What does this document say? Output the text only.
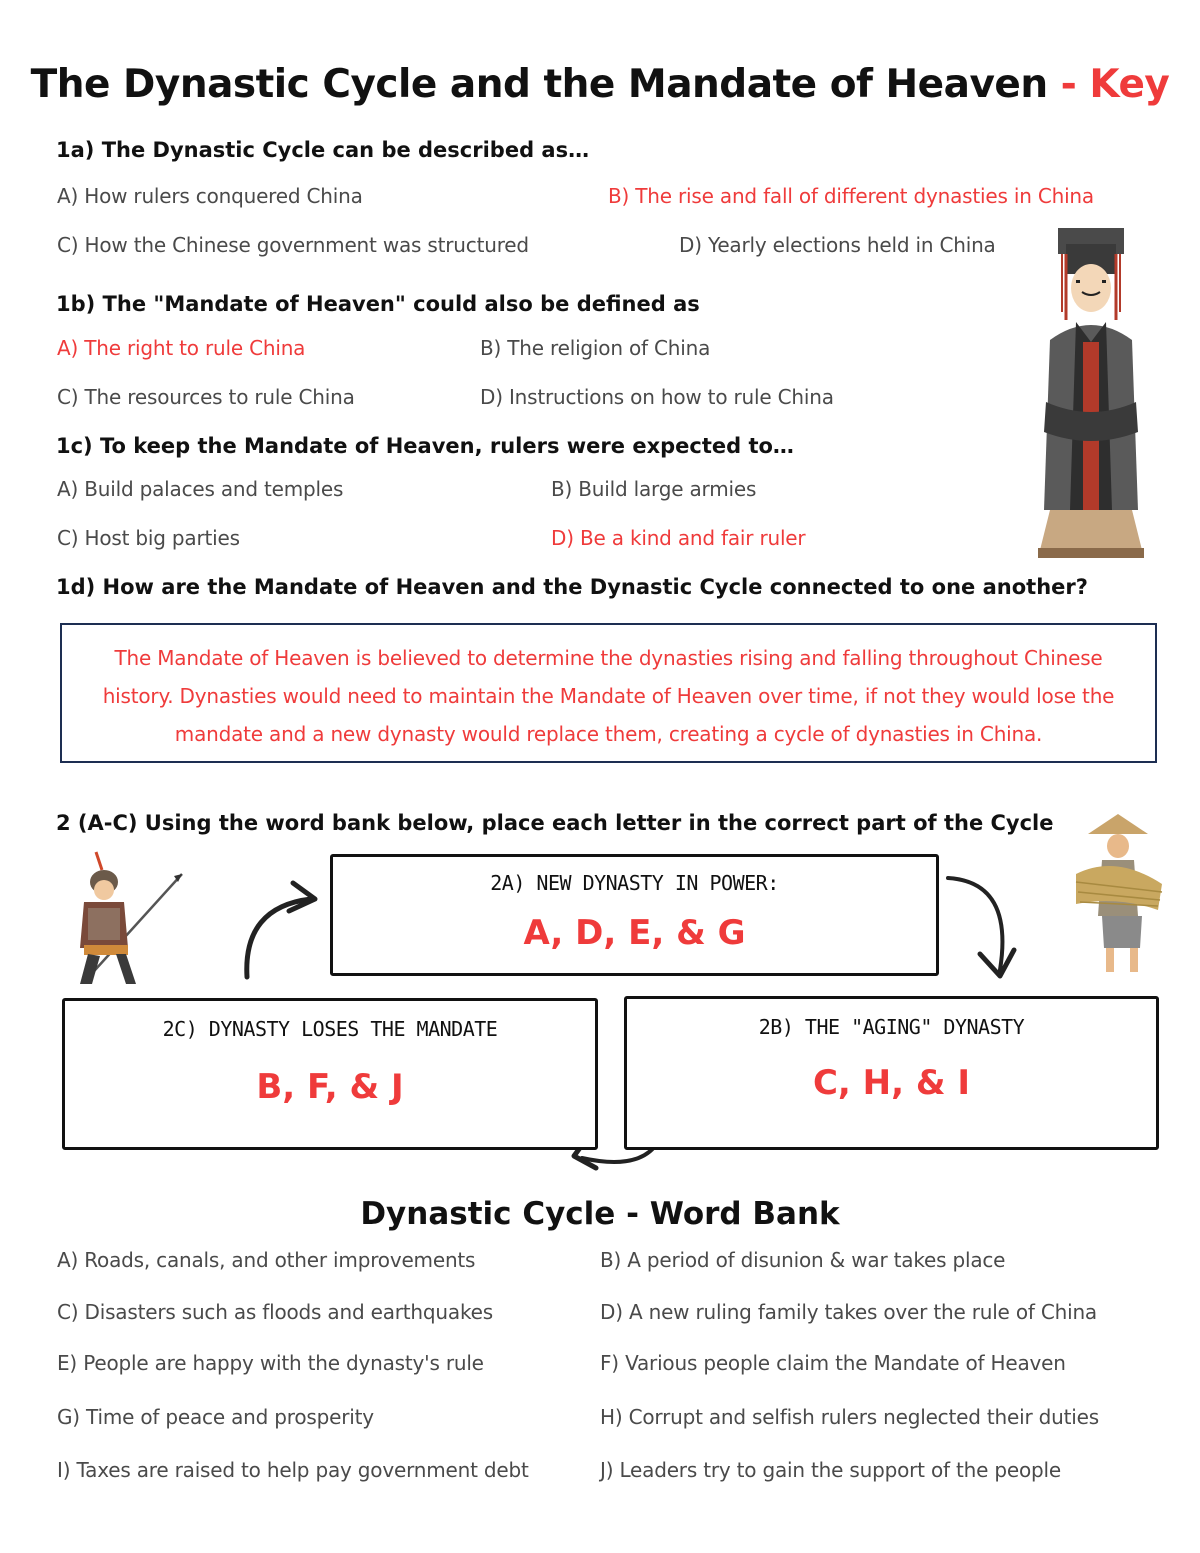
The Dynastic Cycle and the Mandate of Heaven - Key
1a) The Dynastic Cycle can be described as…
A) How rulers conquered China	B) The rise and fall of different dynasties in China
C) How the Chinese government was structured	D) Yearly elections held in China
1b) The "Mandate of Heaven" could also be defined as
A) The right to rule China	B) The religion of China
C) The resources to rule China	D) Instructions on how to rule China
1c) To keep the Mandate of Heaven, rulers were expected to…
A) Build palaces and temples	B) Build large armies
C) Host big parties	D) Be a kind and fair ruler
1d) How are the Mandate of Heaven and the Dynastic Cycle connected to one another?
The Mandate of Heaven is believed to determine the dynasties rising and falling throughout Chinese history. Dynasties would need to maintain the Mandate of Heaven over time, if not they would lose the mandate and a new dynasty would replace them, creating a cycle of dynasties in China.
2 (A-C) Using the word bank below, place each letter in the correct part of the Cycle
2A) NEW DYNASTY IN POWER:
A, D, E, & G
2B) THE "AGING" DYNASTY
C, H, & I
2C) DYNASTY LOSES THE MANDATE
B, F, & J
Dynastic Cycle - Word Bank
A) Roads, canals, and other improvements	B) A period of disunion & war takes place
C) Disasters such as floods and earthquakes	D) A new ruling family takes over the rule of China
E) People are happy with the dynasty's rule	F) Various people claim the Mandate of Heaven
G) Time of peace and prosperity	H) Corrupt and selfish rulers neglected their duties
I) Taxes are raised to help pay government debt	J) Leaders try to gain the support of the people
